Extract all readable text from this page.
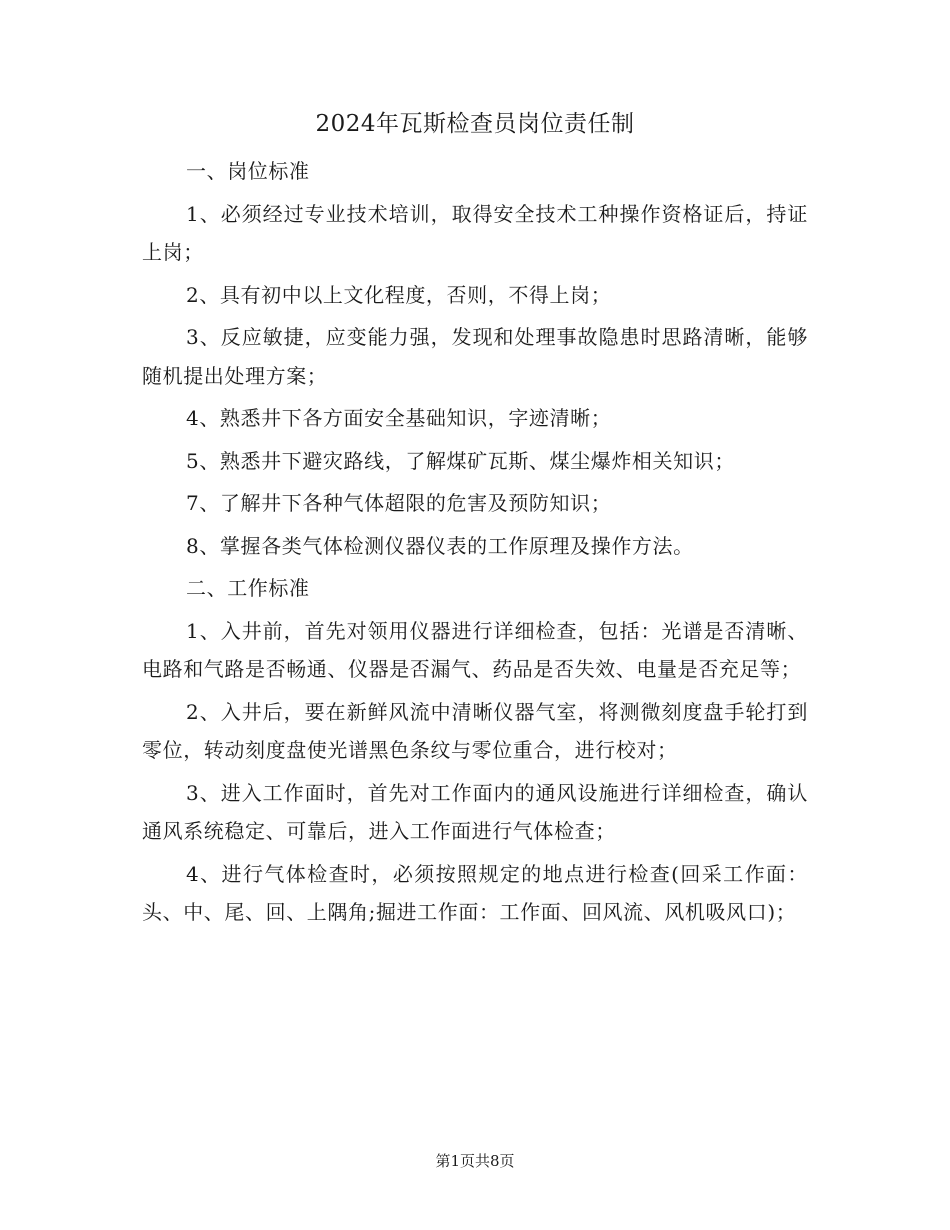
2024年瓦斯检查员岗位责任制

一、岗位标准

1、必须经过专业技术培训，取得安全技术工种操作资格证后，持证上岗；

2、具有初中以上文化程度，否则，不得上岗；

3、反应敏捷，应变能力强，发现和处理事故隐患时思路清晰，能够随机提出处理方案；

4、熟悉井下各方面安全基础知识，字迹清晰；

5、熟悉井下避灾路线，了解煤矿瓦斯、煤尘爆炸相关知识；

7、了解井下各种气体超限的危害及预防知识；

8、掌握各类气体检测仪器仪表的工作原理及操作方法。

二、工作标准

1、入井前，首先对领用仪器进行详细检查，包括：光谱是否清晰、电路和气路是否畅通、仪器是否漏气、药品是否失效、电量是否充足等；

2、入井后，要在新鲜风流中清晰仪器气室，将测微刻度盘手轮打到零位，转动刻度盘使光谱黑色条纹与零位重合，进行校对；

3、进入工作面时，首先对工作面内的通风设施进行详细检查，确认通风系统稳定、可靠后，进入工作面进行气体检查；

4、进行气体检查时，必须按照规定的地点进行检查(回采工作面：头、中、尾、回、上隅角;掘进工作面：工作面、回风流、风机吸风口)；

第1页共8页
